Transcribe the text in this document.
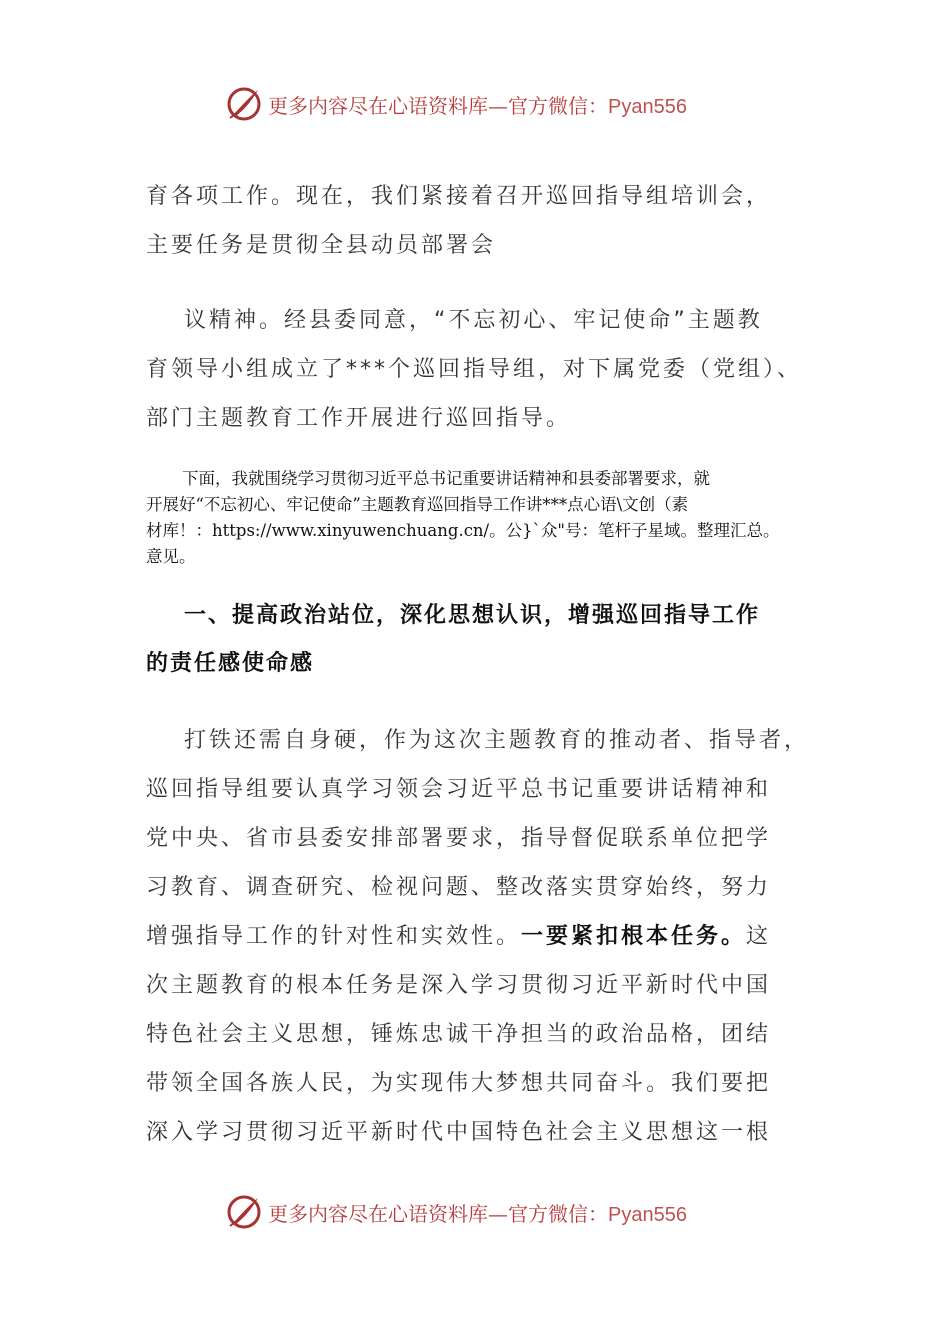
更多内容尽在心语资料库—官方微信：Pyan556
育各项工作。现在，我们紧接着召开巡回指导组培训会，
主要任务是贯彻全县动员部署会
议精神。经县委同意，“不忘初心、牢记使命”主题教
育领导小组成立了***个巡回指导组，对下属党委（党组）、
部门主题教育工作开展进行巡回指导。
下面，我就围绕学习贯彻习近平总书记重要讲话精神和县委部署要求，就
开展好“不忘初心、牢记使命”主题教育巡回指导工作讲***点心语\文创（素
材库！：https://www.xinyuwenchuang.cn/。公}`众"号：笔杆子星域。整理汇总。
意见。
一、提高政治站位，深化思想认识，增强巡回指导工作
的责任感使命感
打铁还需自身硬，作为这次主题教育的推动者、指导者，
巡回指导组要认真学习领会习近平总书记重要讲话精神和
党中央、省市县委安排部署要求，指导督促联系单位把学
习教育、调查研究、检视问题、整改落实贯穿始终，努力
增强指导工作的针对性和实效性。一要紧扣根本任务。这
次主题教育的根本任务是深入学习贯彻习近平新时代中国
特色社会主义思想，锤炼忠诚干净担当的政治品格，团结
带领全国各族人民，为实现伟大梦想共同奋斗。我们要把
深入学习贯彻习近平新时代中国特色社会主义思想这一根
更多内容尽在心语资料库—官方微信：Pyan556
